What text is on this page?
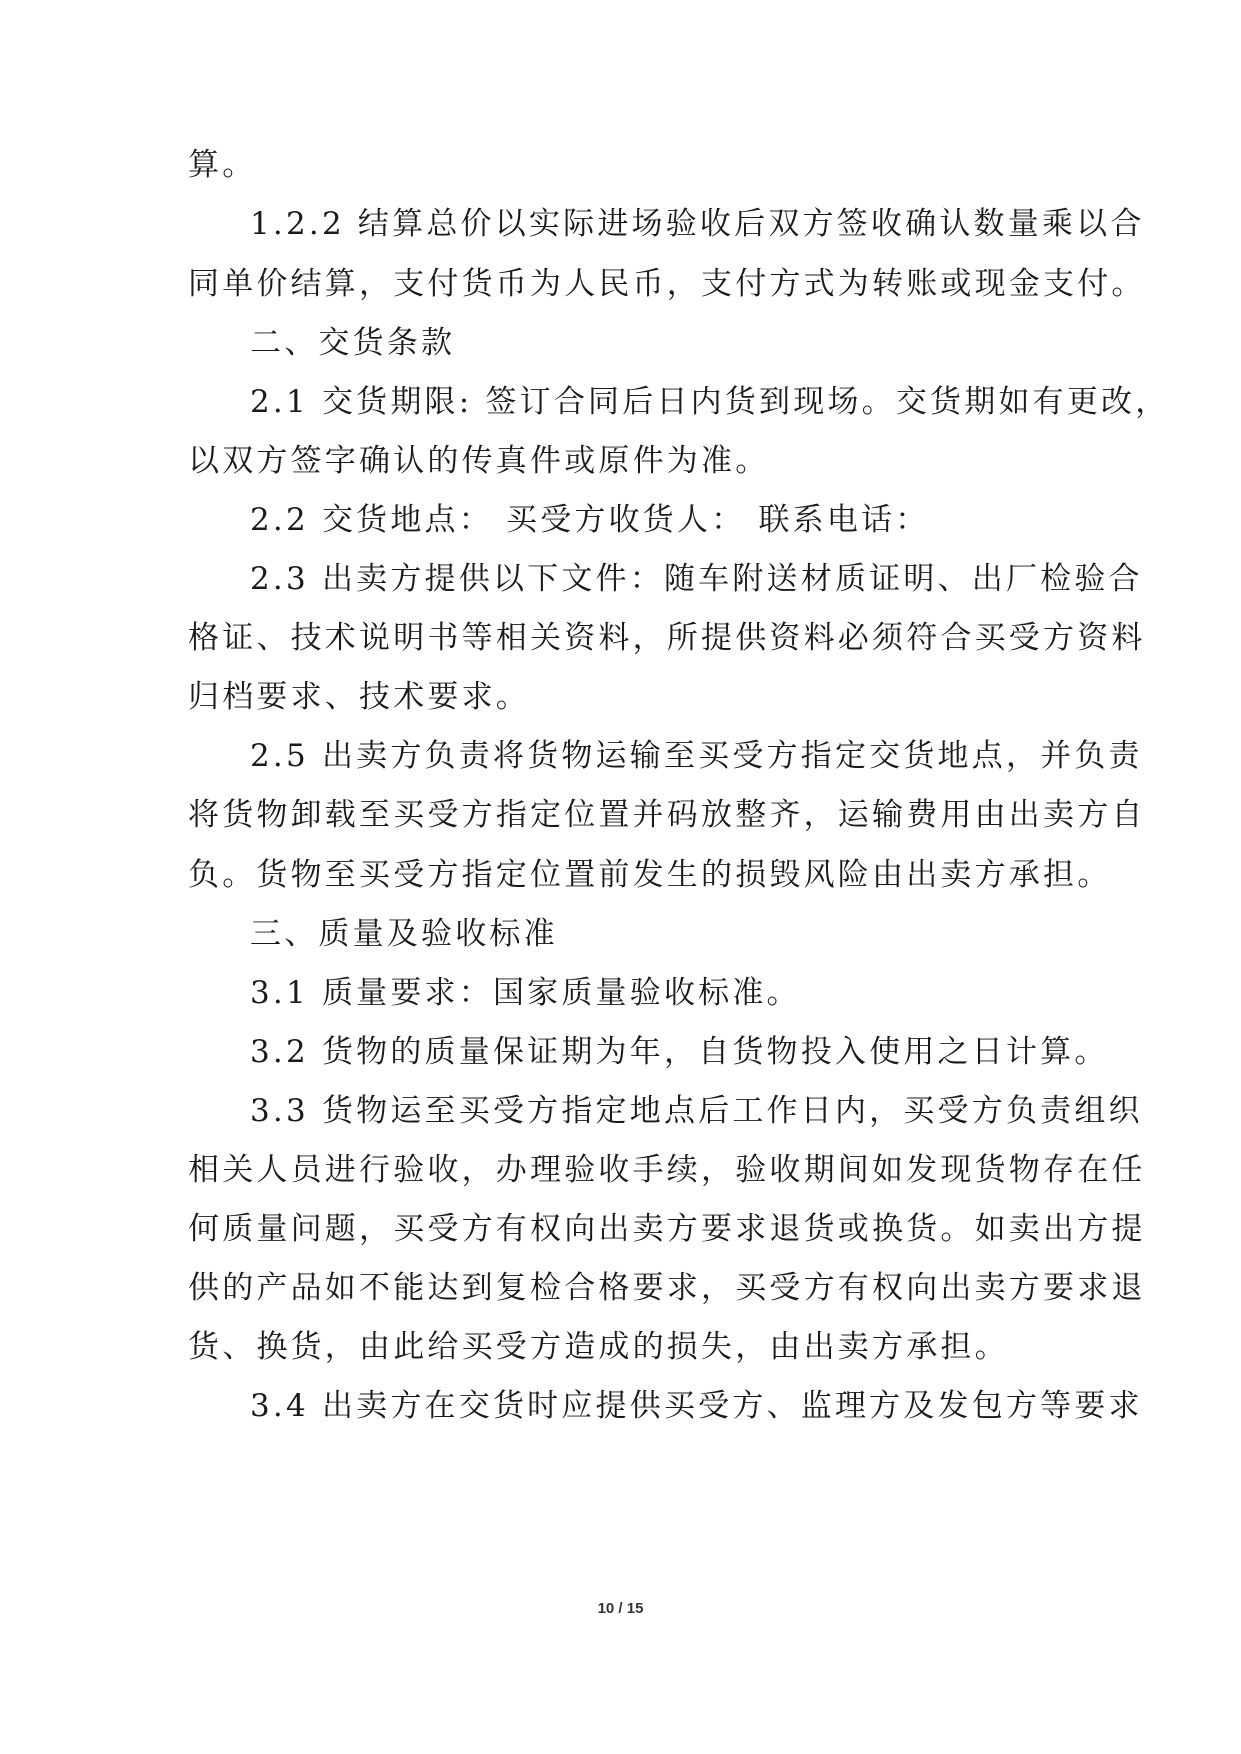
算。
1.2.2 结算总价以实际进场验收后双方签收确认数量乘以合
同单价结算，支付货币为人民币，支付方式为转账或现金支付。
二、交货条款
2.1 交货期限: 签订合同后日内货到现场。交货期如有更改，
以双方签字确认的传真件或原件为准。
2.2 交货地点： 买受方收货人： 联系电话：
2.3 出卖方提供以下文件：随车附送材质证明、出厂检验合
格证、技术说明书等相关资料，所提供资料必须符合买受方资料
归档要求、技术要求。
2.5 出卖方负责将货物运输至买受方指定交货地点，并负责
将货物卸载至买受方指定位置并码放整齐，运输费用由出卖方自
负。货物至买受方指定位置前发生的损毁风险由出卖方承担。
三、质量及验收标准
3.1 质量要求：国家质量验收标准。
3.2 货物的质量保证期为年，自货物投入使用之日计算。
3.3 货物运至买受方指定地点后工作日内，买受方负责组织
相关人员进行验收，办理验收手续，验收期间如发现货物存在任
何质量问题，买受方有权向出卖方要求退货或换货。如卖出方提
供的产品如不能达到复检合格要求，买受方有权向出卖方要求退
货、换货，由此给买受方造成的损失，由出卖方承担。
3.4 出卖方在交货时应提供买受方、监理方及发包方等要求
10 / 15
